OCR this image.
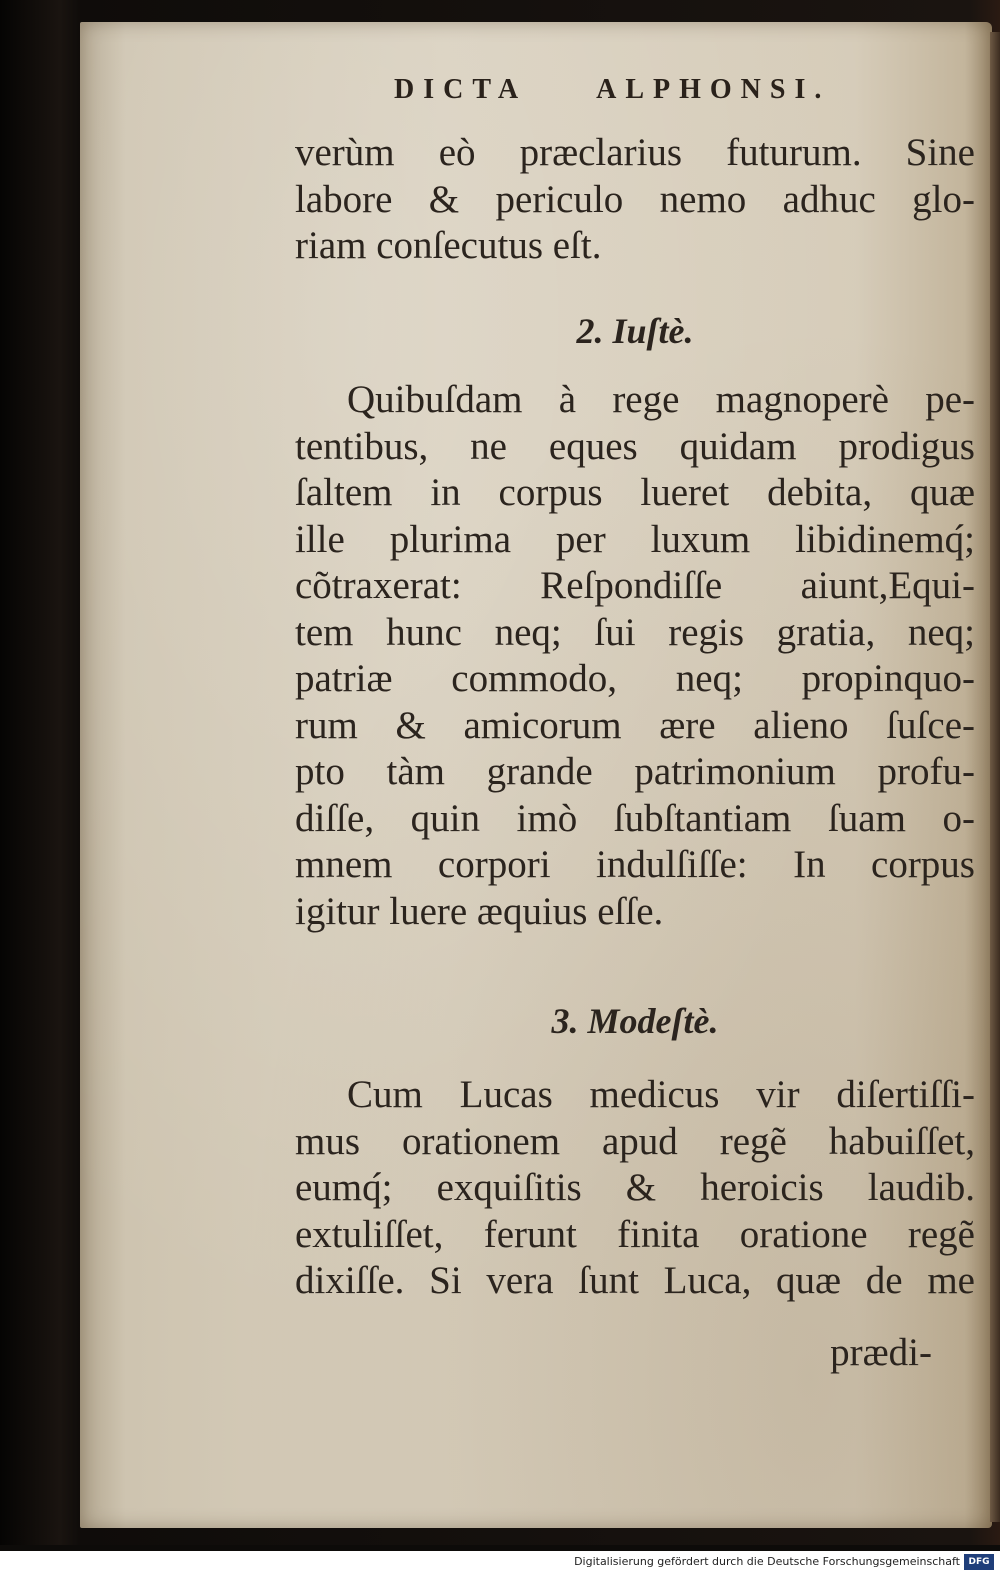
DICTA	ALPHONSI.
verùm eò præclarius futurum. Sine
labore & periculo nemo adhuc glo-
riam conſecutus eſt.
2. Iuſtè.
Quibuſdam à rege magnoperè pe-
tentibus, ne eques quidam prodigus
ſaltem in corpus lueret debita, quæ
ille plurima per luxum libidinemq́;
cõtraxerat: Reſpondiſſe aiunt,Equi-
tem hunc neq; ſui regis gratia, neq;
patriæ commodo, neq; propinquo-
rum & amicorum ære alieno ſuſce-
pto tàm grande patrimonium profu-
diſſe, quin imò ſubſtantiam ſuam o-
mnem corpori indulſiſſe: In corpus
igitur luere æquius eſſe.
3. Modeſtè.
Cum Lucas medicus vir diſertiſſi-
mus orationem apud regẽ habuiſſet,
eumq́; exquiſitis & heroicis laudib.
extuliſſet, ferunt finita oratione regẽ
dixiſſe. Si vera ſunt Luca, quæ de me
prædi-
Digitalisierung gefördert durch die Deutsche Forschungsgemeinschaft DFG
